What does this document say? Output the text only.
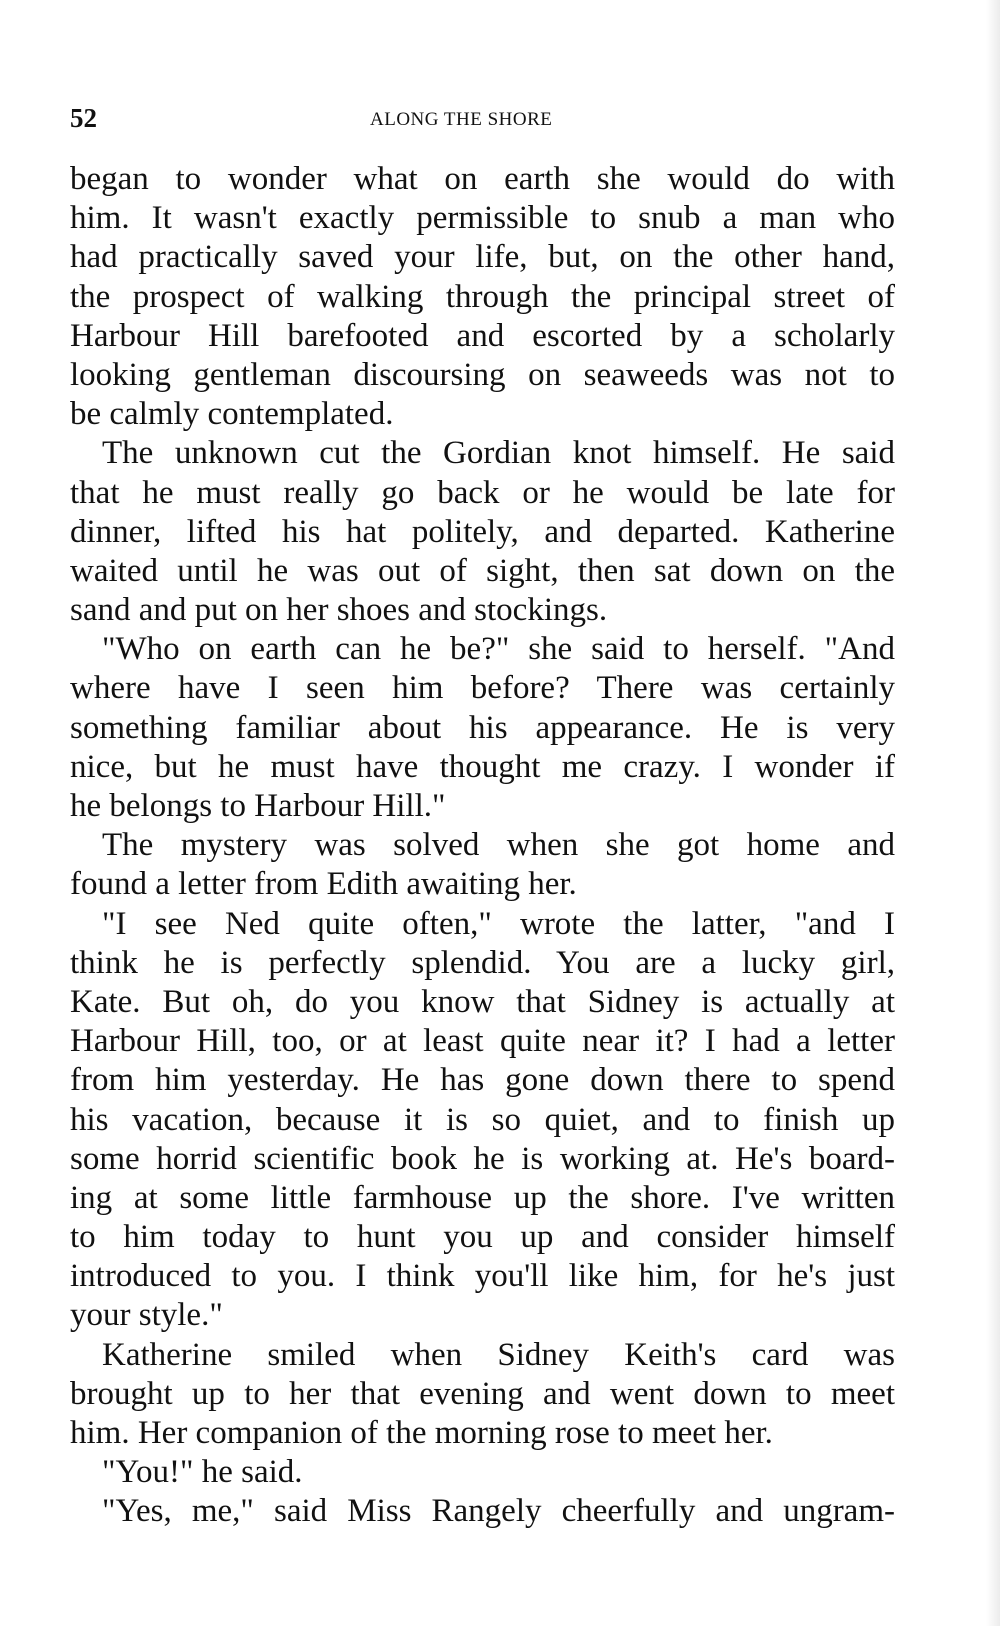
52	ALONG THE SHORE
began to wonder what on earth she would do with
him. It wasn't exactly permissible to snub a man who
had practically saved your life, but, on the other hand,
the prospect of walking through the principal street of
Harbour Hill barefooted and escorted by a scholarly
looking gentleman discoursing on seaweeds was not to
be calmly contemplated.
The unknown cut the Gordian knot himself. He said
that he must really go back or he would be late for
dinner, lifted his hat politely, and departed. Katherine
waited until he was out of sight, then sat down on the
sand and put on her shoes and stockings.
"Who on earth can he be?" she said to herself. "And
where have I seen him before? There was certainly
something familiar about his appearance. He is very
nice, but he must have thought me crazy. I wonder if
he belongs to Harbour Hill."
The mystery was solved when she got home and
found a letter from Edith awaiting her.
"I see Ned quite often," wrote the latter, "and I
think he is perfectly splendid. You are a lucky girl,
Kate. But oh, do you know that Sidney is actually at
Harbour Hill, too, or at least quite near it? I had a letter
from him yesterday. He has gone down there to spend
his vacation, because it is so quiet, and to finish up
some horrid scientific book he is working at. He's board-
ing at some little farmhouse up the shore. I've written
to him today to hunt you up and consider himself
introduced to you. I think you'll like him, for he's just
your style."
Katherine smiled when Sidney Keith's card was
brought up to her that evening and went down to meet
him. Her companion of the morning rose to meet her.
"You!" he said.
"Yes, me," said Miss Rangely cheerfully and ungram-
